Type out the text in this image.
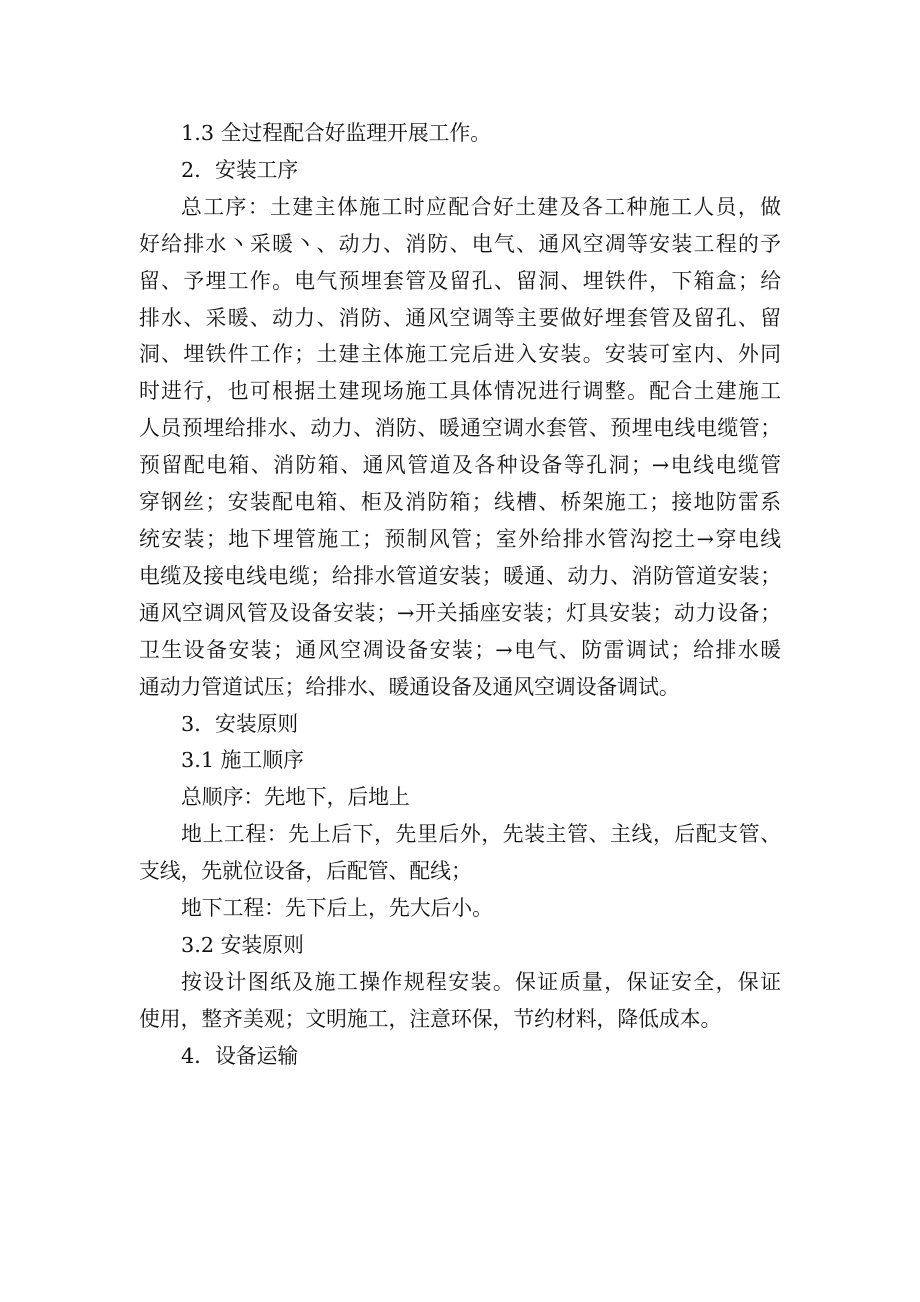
1.3 全过程配合好监理开展工作。

2．安装工序

总工序：土建主体施工时应配合好土建及各工种施工人员，做
好给排水丶采暖丶、动力、消防、电气、通风空凋等安装工程的予
留、予埋工作。电气预埋套管及留孔、留洞、埋铁件，下箱盒；给
排水、采暖、动力、消防、通风空调等主要做好埋套管及留孔、留
洞、埋铁件工作；土建主体施工完后进入安装。安装可室内、外同
时进行，也可根据土建现场施工具体情况进行调整。配合土建施工
人员预埋给排水、动力、消防、暖通空调水套管、预埋电线电缆管；
预留配电箱、消防箱、通风管道及各种设备等孔洞；→电线电缆管
穿钢丝；安装配电箱、柜及消防箱；线槽、桥架施工；接地防雷系
统安装；地下埋管施工；预制风管；室外给排水管沟挖土→穿电线
电缆及接电线电缆；给排水管道安装；暖通、动力、消防管道安装；
通风空调风管及设备安装；→开关插座安装；灯具安装；动力设备；
卫生设备安装；通风空凋设备安装；→电气、防雷调试；给排水暖
通动力管道试压；给排水、暖通设备及通风空调设备调试。

3．安装原则

3.1 施工顺序

总顺序：先地下，后地上

地上工程：先上后下，先里后外，先装主管、主线，后配支管、
支线，先就位设备，后配管、配线；

地下工程：先下后上，先大后小。

3.2 安装原则

按设计图纸及施工操作规程安装。保证质量，保证安全，保证
使用，整齐美观；文明施工，注意环保，节约材料，降低成本。

4．设备运输
